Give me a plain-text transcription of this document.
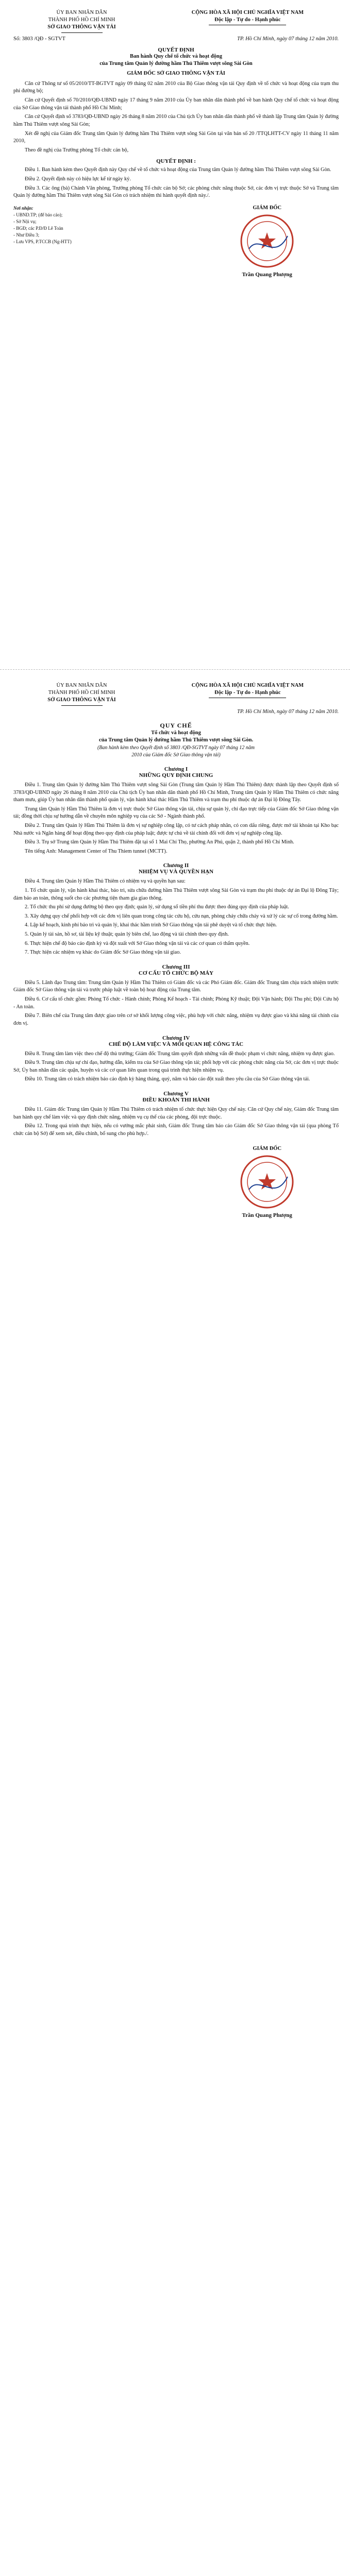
ỦY BAN NHÂN DÂN
THÀNH PHỐ HỒ CHÍ MINH
SỞ GIAO THÔNG VẬN TẢI
CỘNG HÒA XÃ HỘI CHỦ NGHĨA VIỆT NAM
Độc lập - Tự do - Hạnh phúc
Số: 3803 /QĐ - SGTVT	TP. Hồ Chí Minh, ngày 07 tháng 12 năm 2010.
QUYẾT ĐỊNH
Ban hành Quy chế tổ chức và hoạt động
của Trung tâm Quản lý đường hầm Thủ Thiêm vượt sông Sài Gòn
GIÁM ĐỐC SỞ GIAO THÔNG VẬN TẢI

Căn cứ Thông tư số 05/2010/TT-BGTVT ngày 09 tháng 02 năm 2010 của Bộ Giao thông vận tải Quy định về tổ chức và hoạt động của trạm thu phí đường bộ;

Căn cứ Quyết định số 70/2010/QĐ-UBND ngày 17 tháng 9 năm 2010 của Ủy ban nhân dân thành phố về ban hành Quy chế tổ chức và hoạt động của Sở Giao thông vận tải thành phố Hồ Chí Minh;

Căn cứ Quyết định số 3783/QĐ-UBND ngày 26 tháng 8 năm 2010 của Chủ tịch Ủy ban nhân dân thành phố về thành lập Trung tâm Quản lý đường hầm Thủ Thiêm vượt sông Sài Gòn;

Xét đề nghị của Giám đốc Trung tâm Quản lý đường hầm Thủ Thiêm vượt sông Sài Gòn tại văn bản số 20 /TTQLHTT-CV ngày 11 tháng 11 năm 2010,

Theo đề nghị của Trưởng phòng Tổ chức cán bộ,

QUYẾT ĐỊNH :

Điều 1. Ban hành kèm theo Quyết định này Quy chế về tổ chức và hoạt động của Trung tâm Quản lý đường hầm Thủ Thiêm vượt sông Sài Gòn.

Điều 2. Quyết định này có hiệu lực kể từ ngày ký.

Điều 3. Các ông (bà) Chánh Văn phòng, Trưởng phòng Tổ chức cán bộ Sở; các phòng chức năng thuộc Sở, các đơn vị trực thuộc Sở và Trung tâm Quản lý đường hầm Thủ Thiêm vượt sông Sài Gòn có trách nhiệm thi hành quyết định này./.

Nơi nhận:
- UBND.TP; (để báo cáo);
- Sở Nội vụ;
- BGĐ; các P.Đ/Đ Lê Toàn
- Như Điều 3;
- Lưu VPS, P.TCCB (Ng-HTT)
GIÁM ĐỐC
Trần Quang Phượng
ỦY BAN NHÂN DÂN
THÀNH PHỐ HỒ CHÍ MINH
SỞ GIAO THÔNG VẬN TẢI
CỘNG HÒA XÃ HỘI CHỦ NGHĨA VIỆT NAM
Độc lập - Tự do - Hạnh phúc
TP. Hồ Chí Minh, ngày 07 tháng 12 năm 2010.
QUY CHẾ
Tổ chức và hoạt động
của Trung tâm Quản lý đường hầm Thủ Thiêm vượt sông Sài Gòn.
(Ban hành kèm theo Quyết định số 3803 /QĐ-SGTVT ngày 07 tháng 12 năm
2010 của Giám đốc Sở Giao thông vận tải)
Chương I
NHỮNG QUY ĐỊNH CHUNG

Điều 1. Trung tâm Quản lý đường hầm Thủ Thiêm vượt sông Sài Gòn (Trung tâm Quản lý Hầm Thủ Thiêm) được thành lập theo Quyết định số 3783/QĐ-UBND ngày 26 tháng 8 năm 2010 của Chủ tịch Ủy ban nhân dân thành phố Hồ Chí Minh, Trung tâm Quản lý Hầm Thủ Thiêm có chức năng tham mưu, giúp Ủy ban nhân dân thành phố quản lý, vận hành khai thác Hầm Thủ Thiêm và trạm thu phí thuộc dự án Đại lộ Đông Tây.

Trung tâm Quản lý Hầm Thủ Thiêm là đơn vị trực thuộc Sở Giao thông vận tải, chịu sự quản lý, chỉ đạo trực tiếp của Giám đốc Sở Giao thông vận tải; đồng thời chịu sự hướng dẫn về chuyên môn nghiệp vụ của các Sở - Ngành thành phố.

Điều 2. Trung tâm Quản lý Hầm Thủ Thiêm là đơn vị sự nghiệp công lập, có tư cách pháp nhân, có con dấu riêng, được mở tài khoản tại Kho bạc Nhà nước và Ngân hàng để hoạt động theo quy định của pháp luật; được tự chủ về tài chính đối với đơn vị sự nghiệp công lập.

Điều 3. Trụ sở Trung tâm Quản lý Hầm Thủ Thiêm đặt tại số 1 Mai Chí Thọ, phường An Phú, quận 2, thành phố Hồ Chí Minh.

Tên tiếng Anh: Management Center of Thu Thiem tunnel (MCTT).

Chương II
NHIỆM VỤ VÀ QUYỀN HẠN

Điều 4. Trung tâm Quản lý Hầm Thủ Thiêm có nhiệm vụ và quyền hạn sau:

1. Tổ chức quản lý, vận hành khai thác, bảo trì, sửa chữa đường hầm Thủ Thiêm vượt sông Sài Gòn và trạm thu phí thuộc dự án Đại lộ Đông Tây; đảm bảo an toàn, thông suốt cho các phương tiện tham gia giao thông.

2. Tổ chức thu phí sử dụng đường bộ theo quy định; quản lý, sử dụng số tiền phí thu được theo đúng quy định của pháp luật.

3. Xây dựng quy chế phối hợp với các đơn vị liên quan trong công tác cứu hộ, cứu nạn, phòng cháy chữa cháy và xử lý các sự cố trong đường hầm.

4. Lập kế hoạch, kinh phí bảo trì và quản lý, khai thác hầm trình Sở Giao thông vận tải phê duyệt và tổ chức thực hiện.

5. Quản lý tài sản, hồ sơ, tài liệu kỹ thuật; quản lý biên chế, lao động và tài chính theo quy định.

6. Thực hiện chế độ báo cáo định kỳ và đột xuất với Sở Giao thông vận tải và các cơ quan có thẩm quyền.

7. Thực hiện các nhiệm vụ khác do Giám đốc Sở Giao thông vận tải giao.

Chương III
CƠ CẤU TỔ CHỨC BỘ MÁY

Điều 5. Lãnh đạo Trung tâm: Trung tâm Quản lý Hầm Thủ Thiêm có Giám đốc và các Phó Giám đốc. Giám đốc Trung tâm chịu trách nhiệm trước Giám đốc Sở Giao thông vận tải và trước pháp luật về toàn bộ hoạt động của Trung tâm.

Điều 6. Cơ cấu tổ chức gồm: Phòng Tổ chức - Hành chính; Phòng Kế hoạch - Tài chính; Phòng Kỹ thuật; Đội Vận hành; Đội Thu phí; Đội Cứu hộ - An toàn.

Điều 7. Biên chế của Trung tâm được giao trên cơ sở khối lượng công việc, phù hợp với chức năng, nhiệm vụ được giao và khả năng tài chính của đơn vị.

Chương IV
CHẾ ĐỘ LÀM VIỆC VÀ MỐI QUAN HỆ CÔNG TÁC

Điều 8. Trung tâm làm việc theo chế độ thủ trưởng; Giám đốc Trung tâm quyết định những vấn đề thuộc phạm vi chức năng, nhiệm vụ được giao.

Điều 9. Trung tâm chịu sự chỉ đạo, hướng dẫn, kiểm tra của Sở Giao thông vận tải; phối hợp với các phòng chức năng của Sở, các đơn vị trực thuộc Sở, Ủy ban nhân dân các quận, huyện và các cơ quan liên quan trong quá trình thực hiện nhiệm vụ.

Điều 10. Trung tâm có trách nhiệm báo cáo định kỳ hàng tháng, quý, năm và báo cáo đột xuất theo yêu cầu của Sở Giao thông vận tải.

Chương V
ĐIỀU KHOẢN THI HÀNH

Điều 11. Giám đốc Trung tâm Quản lý Hầm Thủ Thiêm có trách nhiệm tổ chức thực hiện Quy chế này. Căn cứ Quy chế này, Giám đốc Trung tâm ban hành quy chế làm việc và quy định chức năng, nhiệm vụ cụ thể của các phòng, đội trực thuộc.

Điều 12. Trong quá trình thực hiện, nếu có vướng mắc phát sinh, Giám đốc Trung tâm báo cáo Giám đốc Sở Giao thông vận tải (qua phòng Tổ chức cán bộ Sở) để xem xét, điều chỉnh, bổ sung cho phù hợp./.

GIÁM ĐỐC
Trần Quang Phượng
